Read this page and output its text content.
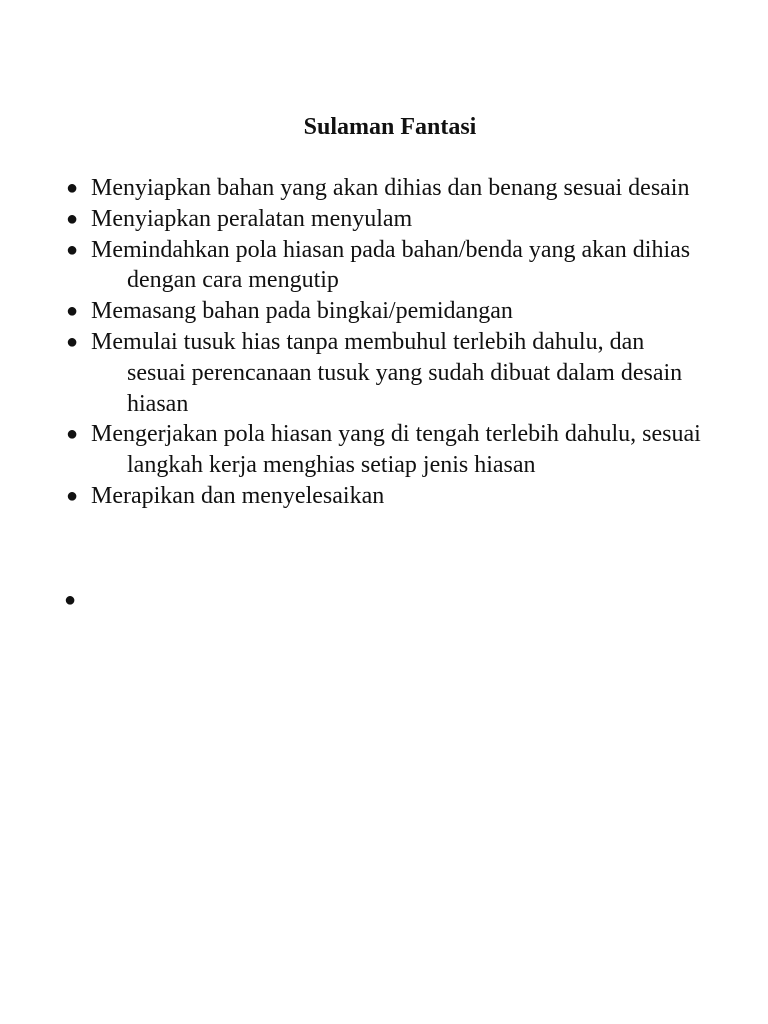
Sulaman Fantasi
● Menyiapkan bahan yang akan dihias dan benang sesuai desain
● Menyiapkan peralatan menyulam
● Memindahkan pola hiasan pada bahan/benda yang akan dihias dengan cara mengutip
● Memasang bahan pada bingkai/pemidangan
● Memulai tusuk hias tanpa membuhul terlebih dahulu, dan sesuai perencanaan tusuk yang sudah dibuat dalam desain hiasan
● Mengerjakan pola hiasan yang di tengah terlebih dahulu, sesuai langkah kerja menghias setiap jenis hiasan
● Merapikan dan menyelesaikan
●
